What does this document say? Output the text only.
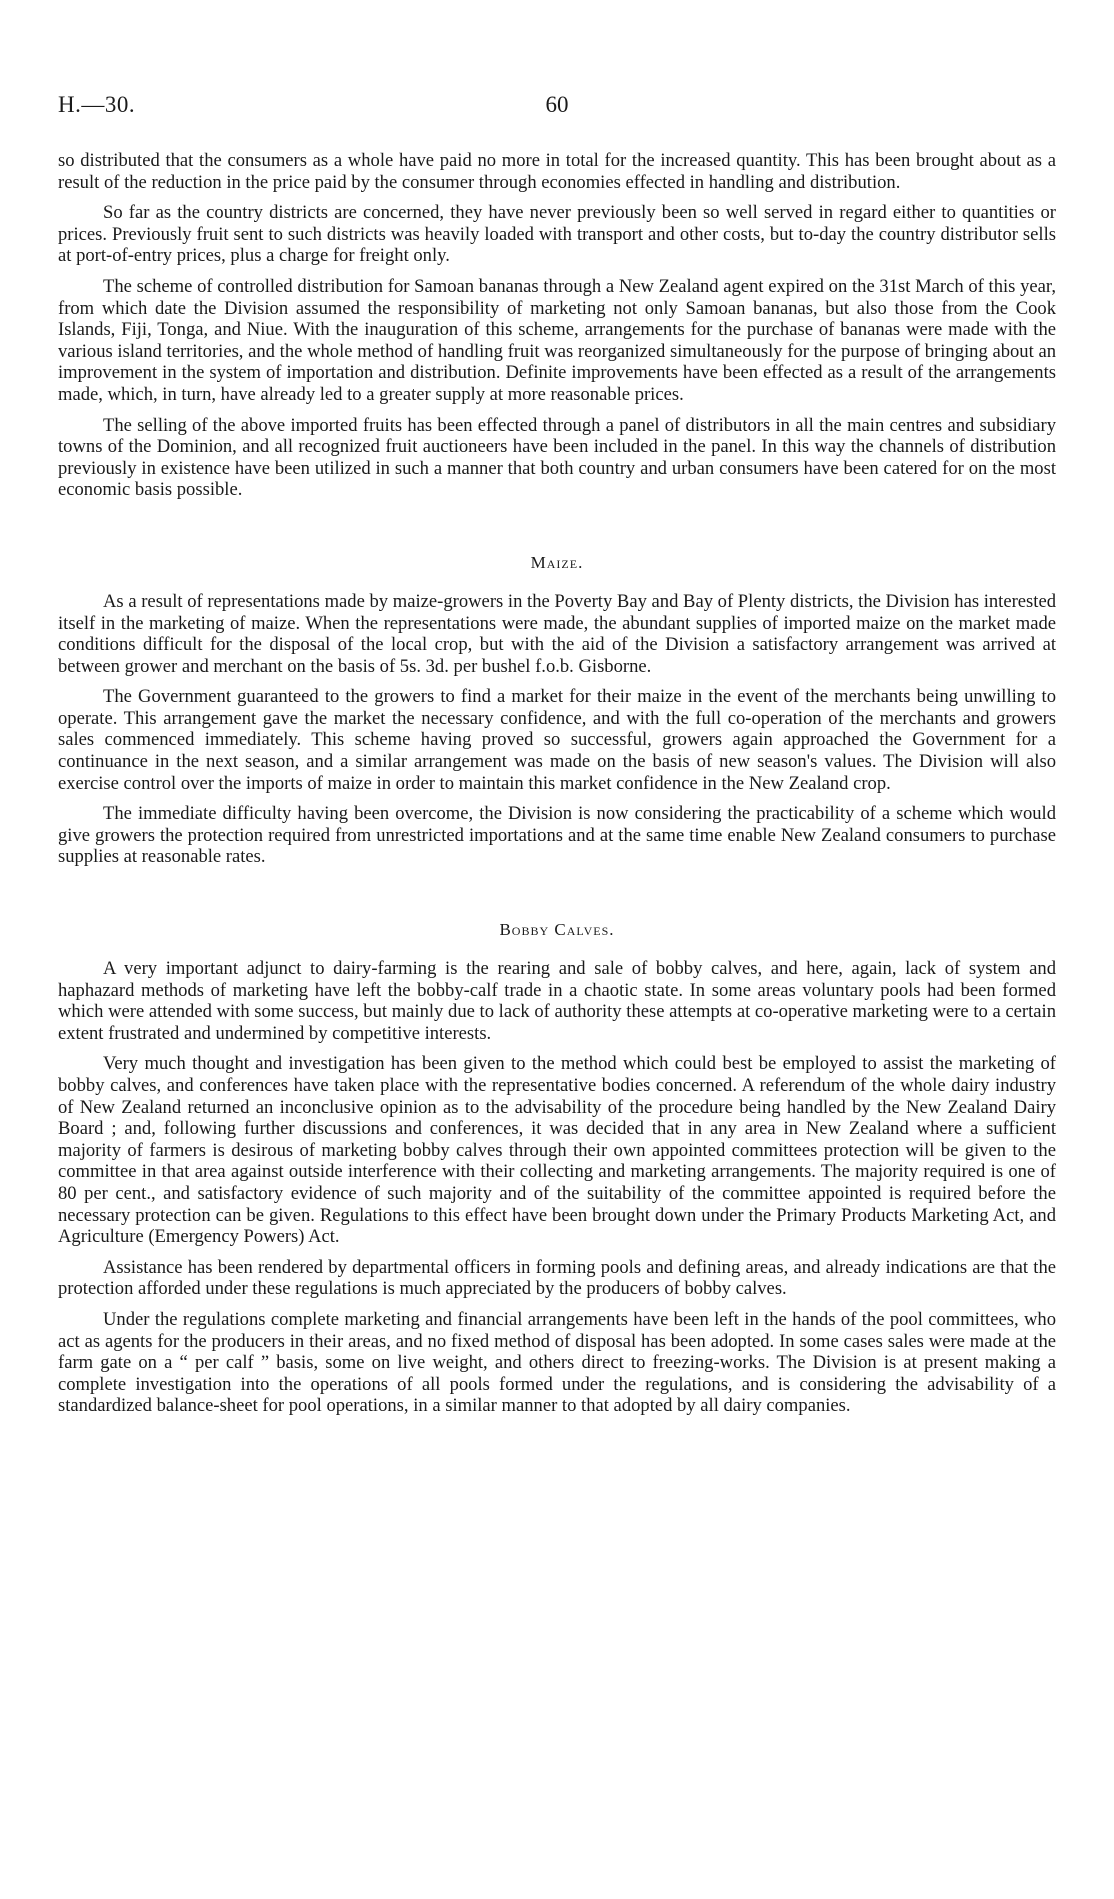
H.—30.	60

so distributed that the consumers as a whole have paid no more in total for the increased quantity. This has been brought about as a result of the reduction in the price paid by the consumer through economies effected in handling and distribution.

So far as the country districts are concerned, they have never previously been so well served in regard either to quantities or prices. Previously fruit sent to such districts was heavily loaded with transport and other costs, but to-day the country distributor sells at port-of-entry prices, plus a charge for freight only.

The scheme of controlled distribution for Samoan bananas through a New Zealand agent expired on the 31st March of this year, from which date the Division assumed the responsibility of marketing not only Samoan bananas, but also those from the Cook Islands, Fiji, Tonga, and Niue. With the inauguration of this scheme, arrangements for the purchase of bananas were made with the various island territories, and the whole method of handling fruit was reorganized simultaneously for the purpose of bringing about an improvement in the system of importation and distribution. Definite improvements have been effected as a result of the arrangements made, which, in turn, have already led to a greater supply at more reasonable prices.

The selling of the above imported fruits has been effected through a panel of distributors in all the main centres and subsidiary towns of the Dominion, and all recognized fruit auctioneers have been included in the panel. In this way the channels of distribution previously in existence have been utilized in such a manner that both country and urban consumers have been catered for on the most economic basis possible.

Maize.

As a result of representations made by maize-growers in the Poverty Bay and Bay of Plenty districts, the Division has interested itself in the marketing of maize. When the representations were made, the abundant supplies of imported maize on the market made conditions difficult for the disposal of the local crop, but with the aid of the Division a satisfactory arrangement was arrived at between grower and merchant on the basis of 5s. 3d. per bushel f.o.b. Gisborne.

The Government guaranteed to the growers to find a market for their maize in the event of the merchants being unwilling to operate. This arrangement gave the market the necessary confidence, and with the full co-operation of the merchants and growers sales commenced immediately. This scheme having proved so successful, growers again approached the Government for a continuance in the next season, and a similar arrangement was made on the basis of new season's values. The Division will also exercise control over the imports of maize in order to maintain this market confidence in the New Zealand crop.

The immediate difficulty having been overcome, the Division is now considering the practicability of a scheme which would give growers the protection required from unrestricted importations and at the same time enable New Zealand consumers to purchase supplies at reasonable rates.

Bobby Calves.

A very important adjunct to dairy-farming is the rearing and sale of bobby calves, and here, again, lack of system and haphazard methods of marketing have left the bobby-calf trade in a chaotic state. In some areas voluntary pools had been formed which were attended with some success, but mainly due to lack of authority these attempts at co-operative marketing were to a certain extent frustrated and undermined by competitive interests.

Very much thought and investigation has been given to the method which could best be employed to assist the marketing of bobby calves, and conferences have taken place with the representative bodies concerned. A referendum of the whole dairy industry of New Zealand returned an inconclusive opinion as to the advisability of the procedure being handled by the New Zealand Dairy Board ; and, following further discussions and conferences, it was decided that in any area in New Zealand where a sufficient majority of farmers is desirous of marketing bobby calves through their own appointed committees protection will be given to the committee in that area against outside interference with their collecting and marketing arrangements. The majority required is one of 80 per cent., and satisfactory evidence of such majority and of the suitability of the committee appointed is required before the necessary protection can be given. Regulations to this effect have been brought down under the Primary Products Marketing Act, and Agriculture (Emergency Powers) Act.

Assistance has been rendered by departmental officers in forming pools and defining areas, and already indications are that the protection afforded under these regulations is much appreciated by the producers of bobby calves.

Under the regulations complete marketing and financial arrangements have been left in the hands of the pool committees, who act as agents for the producers in their areas, and no fixed method of disposal has been adopted. In some cases sales were made at the farm gate on a “ per calf ” basis, some on live weight, and others direct to freezing-works. The Division is at present making a complete investigation into the operations of all pools formed under the regulations, and is considering the advisability of a standardized balance-sheet for pool operations, in a similar manner to that adopted by all dairy companies.
